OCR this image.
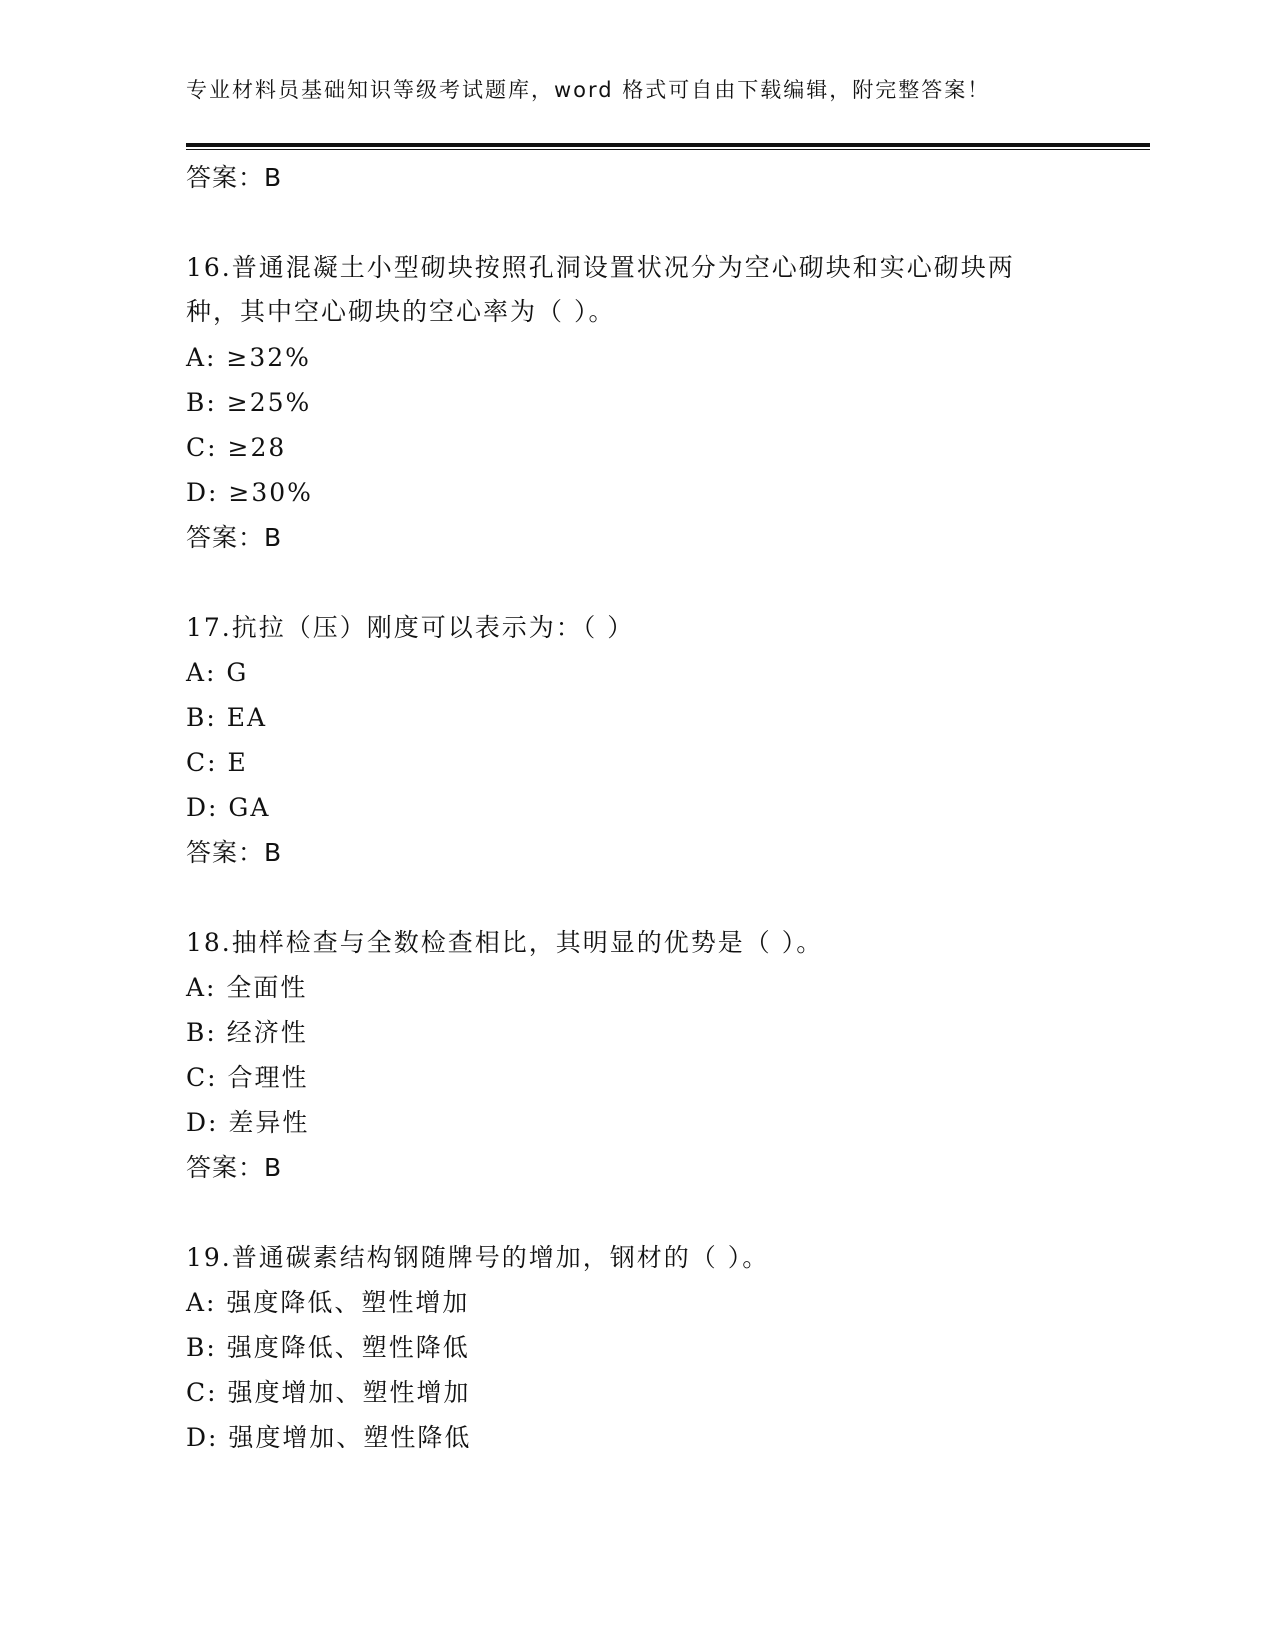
专业材料员基础知识等级考试题库，word 格式可自由下载编辑，附完整答案！
答案：B
16.普通混凝土小型砌块按照孔洞设置状况分为空心砌块和实心砌块两
种，其中空心砌块的空心率为（ ）。
A: ≥32%
B: ≥25%
C: ≥28
D: ≥30%
答案：B
17.抗拉（压）刚度可以表示为：（ ）
A: G
B: EA
C: E
D: GA
答案：B
18.抽样检查与全数检查相比，其明显的优势是（ ）。
A: 全面性
B: 经济性
C: 合理性
D: 差异性
答案：B
19.普通碳素结构钢随牌号的增加，钢材的（ ）。
A: 强度降低、塑性增加
B: 强度降低、塑性降低
C: 强度增加、塑性增加
D: 强度增加、塑性降低
